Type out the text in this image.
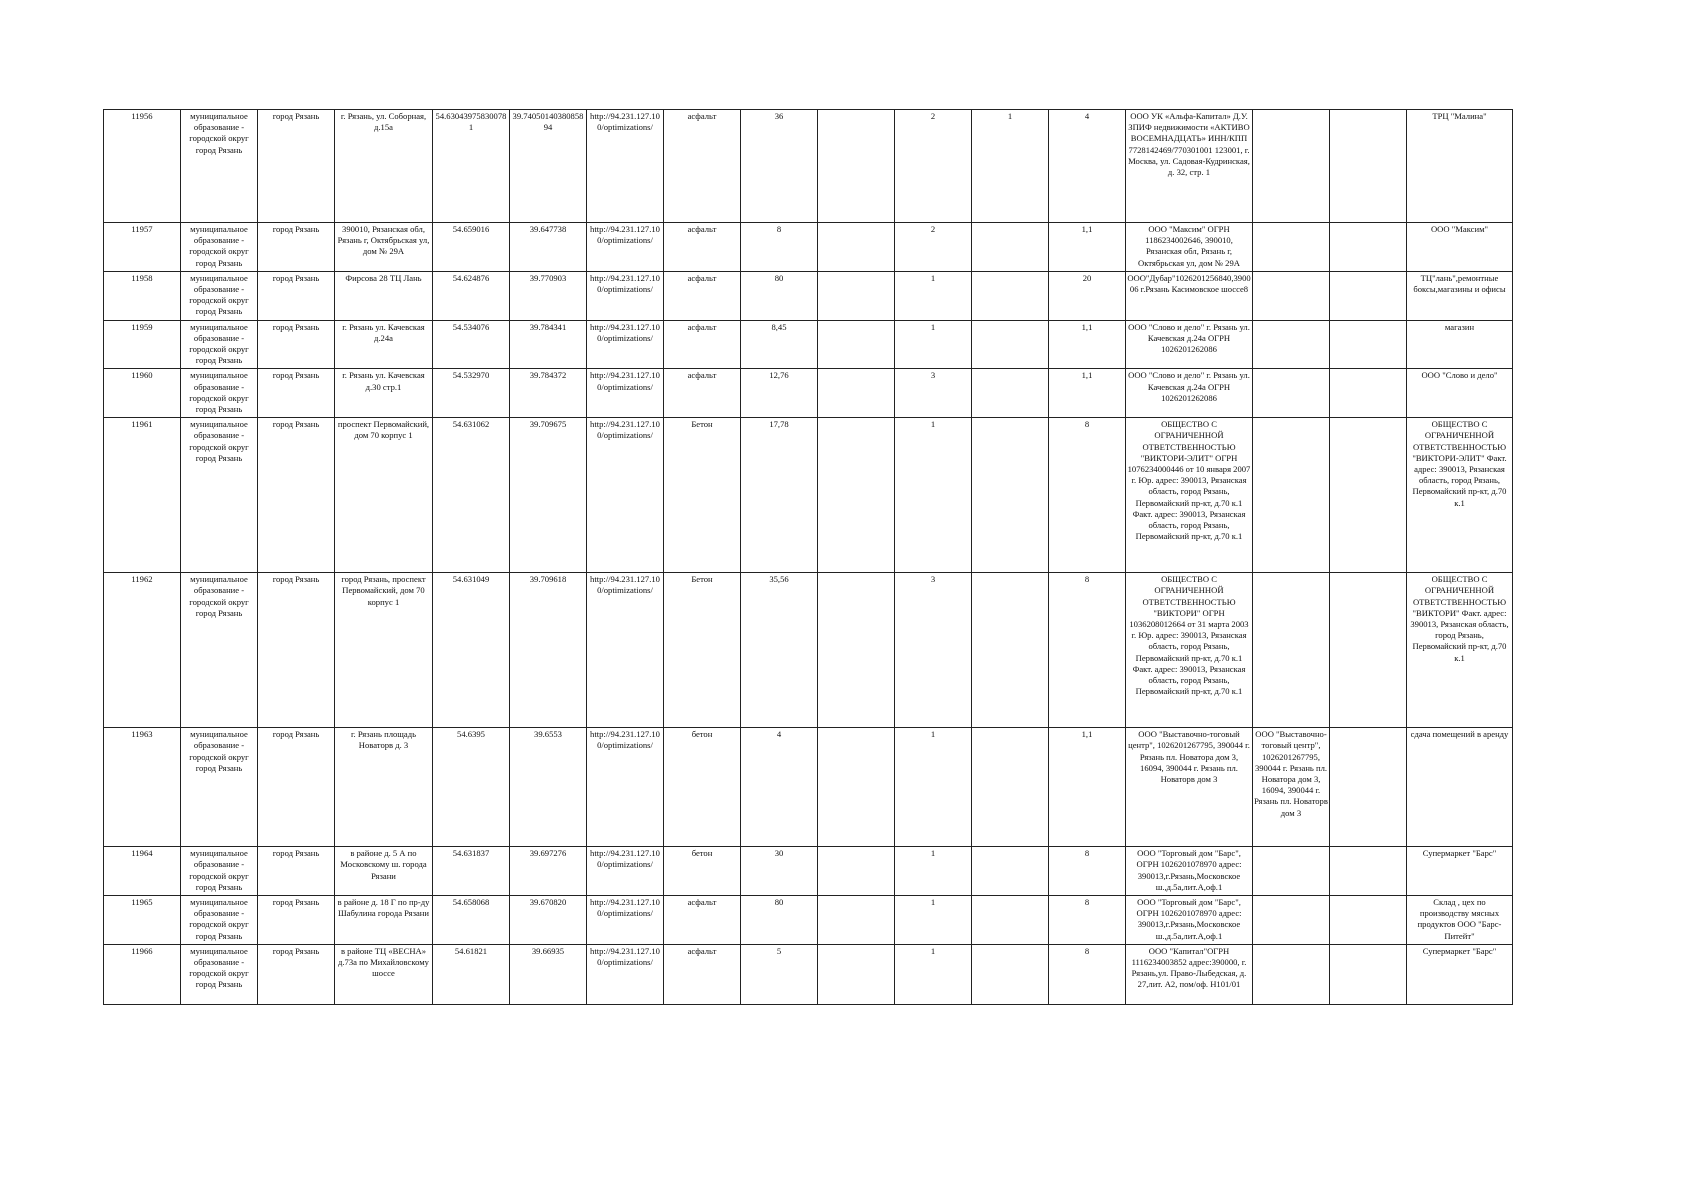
11956	муниципальное образование - городской округ город Рязань	город Рязань	г. Рязань, ул. Соборная, д.15а	54.630439758300781	39.7405014038085894	http://94.231.127.100/optimizations/	асфальт	36		2	1	4	ООО УК «Альфа-Капитал» Д.У. ЗПИФ недвижимости «АКТИВО ВОСЕМНАДЦАТЬ» ИНН/КПП 7728142469/770301001 123001, г. Москва, ул. Садовая-Кудринская, д. 32, стр. 1			ТРЦ "Малина"
11957	муниципальное образование - городской округ город Рязань	город Рязань	390010, Рязанская обл, Рязань г, Октябрьская ул, дом № 29А	54.659016	39.647738	http://94.231.127.100/optimizations/	асфальт	8		2		1,1	ООО "Максим" ОГРН 1186234002646, 390010, Рязанская обл, Рязань г, Октябрьская ул, дом № 29А			ООО "Максим"
11958	муниципальное образование - городской округ город Рязань	город Рязань	Фирсова 28 ТЦ Лань	54.624876	39.770903	http://94.231.127.100/optimizations/	асфальт	80		1		20	ООО"Дубар"1026201256840,390006 г.Рязань Касимовское шоссе8			ТЦ"лань",ремонтные боксы,магазины и офисы
11959	муниципальное образование - городской округ город Рязань	город Рязань	г. Рязань ул. Качевская д.24а	54.534076	39.784341	http://94.231.127.100/optimizations/	асфальт	8,45		1		1,1	ООО "Слово и дело" г. Рязань ул. Качевская д.24а ОГРН 1026201262086			магазин
11960	муниципальное образование - городской округ город Рязань	город Рязань	г. Рязань ул. Качевская д.30 стр.1	54.532970	39.784372	http://94.231.127.100/optimizations/	асфальт	12,76		3		1,1	ООО "Слово и дело" г. Рязань ул. Качевская д.24а ОГРН 1026201262086			ООО "Слово и дело"
11961	муниципальное образование - городской округ город Рязань	город Рязань	проспект Первомайский, дом 70 корпус 1	54.631062	39.709675	http://94.231.127.100/optimizations/	Бетон	17,78		1		8	ОБЩЕСТВО С ОГРАНИЧЕННОЙ ОТВЕТСТВЕННОСТЬЮ "ВИКТОРИ-ЭЛИТ" ОГРН 1076234000446 от 10 января 2007 г. Юр. адрес: 390013, Рязанская область, город Рязань, Первомайский пр-кт, д.70 к.1 Факт. адрес: 390013, Рязанская область, город Рязань, Первомайский пр-кт, д.70 к.1			ОБЩЕСТВО С ОГРАНИЧЕННОЙ ОТВЕТСТВЕННОСТЬЮ "ВИКТОРИ-ЭЛИТ" Факт. адрес: 390013, Рязанская область, город Рязань, Первомайский пр-кт, д.70 к.1
11962	муниципальное образование - городской округ город Рязань	город Рязань	город Рязань, проспект Первомайский, дом 70 корпус 1	54.631049	39.709618	http://94.231.127.100/optimizations/	Бетон	35,56		3		8	ОБЩЕСТВО С ОГРАНИЧЕННОЙ ОТВЕТСТВЕННОСТЬЮ "ВИКТОРИ" ОГРН 1036208012664 от 31 марта 2003 г. Юр. адрес: 390013, Рязанская область, город Рязань, Первомайский пр-кт, д.70 к.1 Факт. адрес: 390013, Рязанская область, город Рязань, Первомайский пр-кт, д.70 к.1			ОБЩЕСТВО С ОГРАНИЧЕННОЙ ОТВЕТСТВЕННОСТЬЮ "ВИКТОРИ" Факт. адрес: 390013, Рязанская область, город Рязань, Первомайский пр-кт, д.70 к.1
11963	муниципальное образование - городской округ город Рязань	город Рязань	г. Рязань площадь Новаторв д. 3	54.6395	39.6553	http://94.231.127.100/optimizations/	бетон	4		1		1,1	ООО "Выставочно-тоговый центр", 1026201267795, 390044 г. Рязань пл. Новатора дом 3, 16094, 390044 г. Рязань пл. Новаторв дом 3	ООО "Выставочно-тоговый центр", 1026201267795, 390044 г. Рязань пл. Новатора дом 3, 16094, 390044 г. Рязань пл. Новаторв дом 3		сдача помещений в аренду
11964	муниципальное образование - городской округ город Рязань	город Рязань	в районе д. 5 А по Московскому ш. города Рязани	54.631837	39.697276	http://94.231.127.100/optimizations/	бетон	30		1		8	ООО "Торговый дом "Барс", ОГРН 1026201078970 адрес: 390013,г.Рязань,Московское ш.,д.5а,лит.А,оф.1			Супермаркет "Барс"
11965	муниципальное образование - городской округ город Рязань	город Рязань	в районе д. 18 Г по пр-ду Шабулина города Рязани	54.658068	39.670820	http://94.231.127.100/optimizations/	асфальт	80		1		8	ООО "Торговый дом "Барс", ОГРН 1026201078970 адрес: 390013,г.Рязань,Московское ш.,д.5а,лит.А,оф.1			Склад , цех по производству мясных продуктов ООО "Барс-Питейт"
11966	муниципальное образование - городской округ город Рязань	город Рязань	в районе ТЦ «ВЕСНА» д.73а по Михайловскому шоссе	54.61821	39.66935	http://94.231.127.100/optimizations/	асфальт	5		1		8	ООО "Капитал"ОГРН 1116234003852 адрес:390000, г. Рязань,ул. Право-Лыбедская, д. 27,лит. А2, пом/оф. Н101/01			Супермаркет "Барс"
